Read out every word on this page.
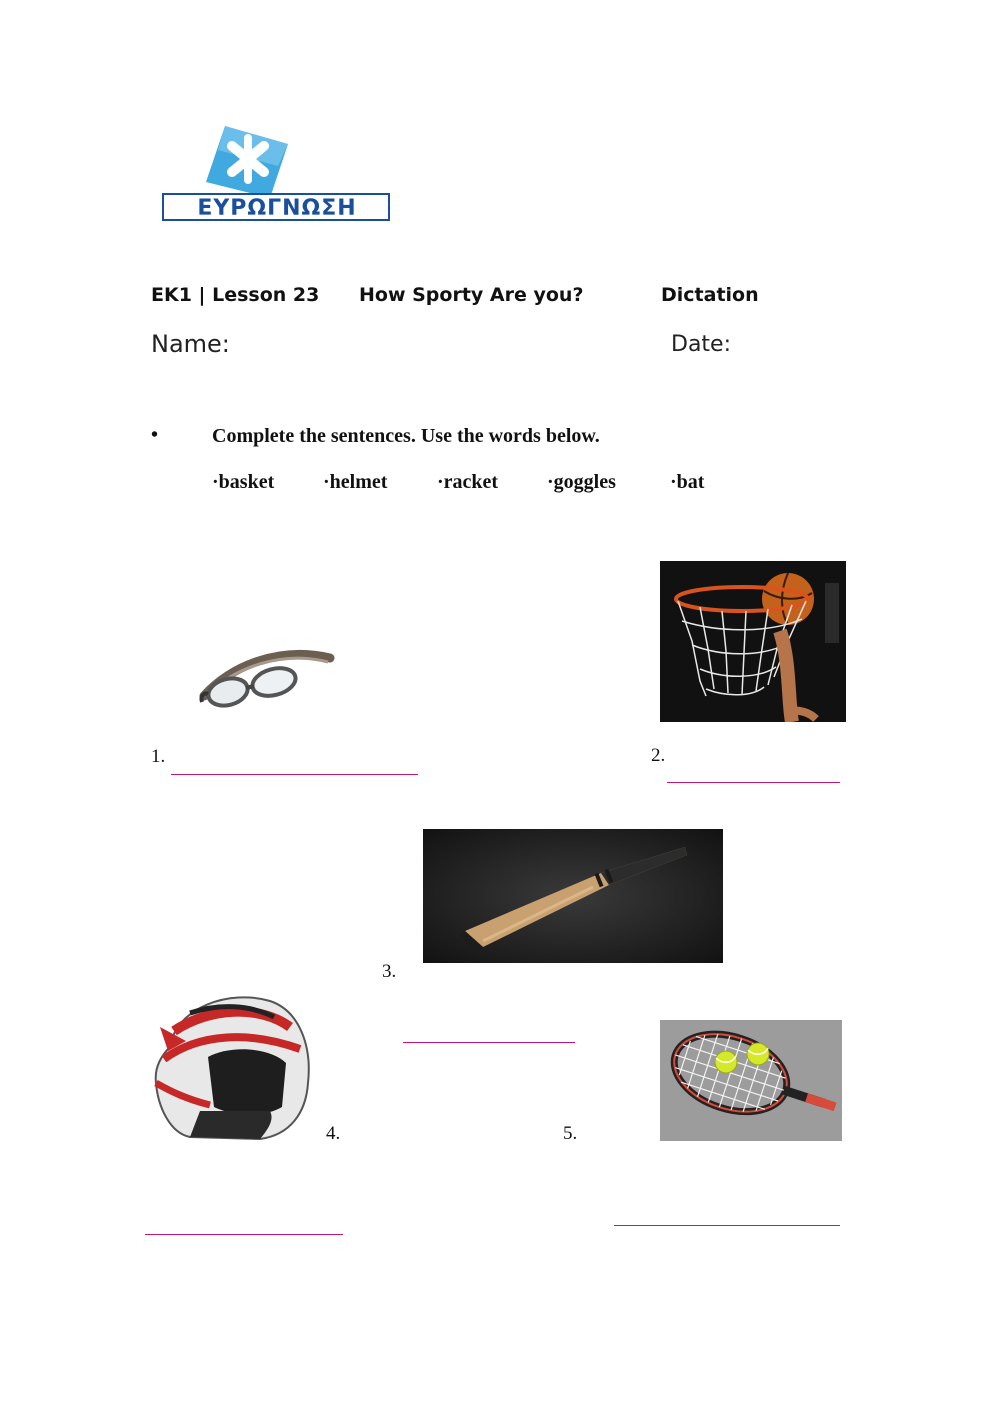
ΕΥΡΩΓΝΩΣΗ
EK1 | Lesson 23 How Sporty Are you?	Dictation
Name:	Date:
•	Complete the sentences. Use the words below.
·basket ·helmet ·racket ·goggles	·bat
1.	2.
3.
4.	5.
